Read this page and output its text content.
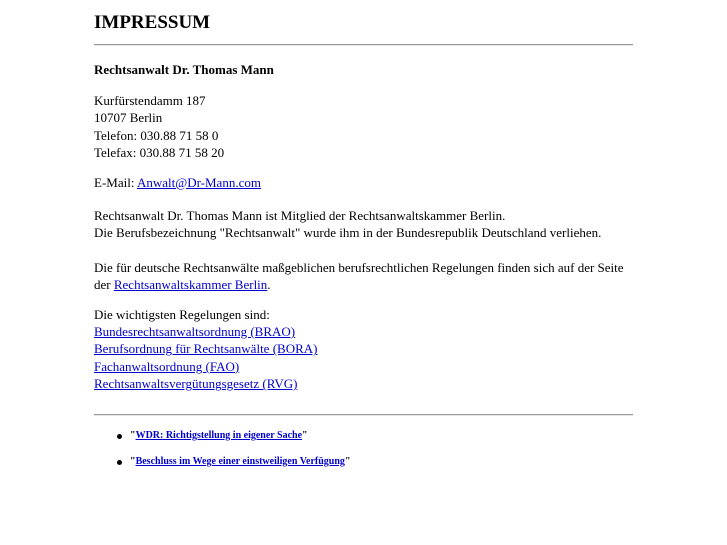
IMPRESSUM
Rechtsanwalt Dr. Thomas Mann
Kurfürstendamm 187
10707 Berlin
Telefon: 030.88 71 58 0
Telefax: 030.88 71 58 20
E-Mail: Anwalt@Dr-Mann.com
Rechtsanwalt Dr. Thomas Mann ist Mitglied der Rechtsanwaltskammer Berlin.
Die Berufsbezeichnung "Rechtsanwalt" wurde ihm in der Bundesrepublik Deutschland verliehen.
Die für deutsche Rechtsanwälte maßgeblichen berufsrechtlichen Regelungen finden sich auf der Seite
der Rechtsanwaltskammer Berlin.
Die wichtigsten Regelungen sind:
Bundesrechtsanwaltsordnung (BRAO)
Berufsordnung für Rechtsanwälte (BORA)
Fachanwaltsordnung (FAO)
Rechtsanwaltsvergütungsgesetz (RVG)
"WDR: Richtigstellung in eigener Sache"
"Beschluss im Wege einer einstweiligen Verfügung"
